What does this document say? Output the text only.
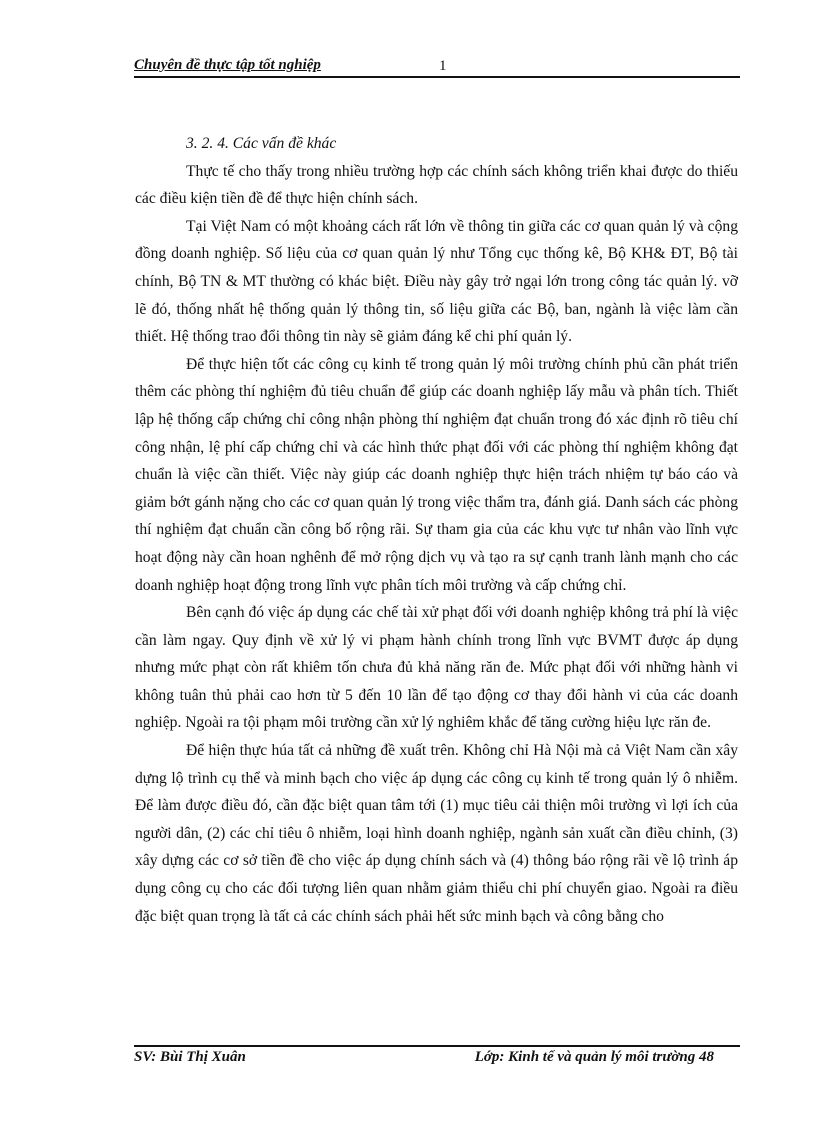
Chuyên đề thực tập tốt nghiệp	1

3. 2. 4. Các vấn đề khác

Thực tế cho thấy trong nhiều trường hợp các chính sách không triển khai được do thiếu các điều kiện tiền đề để thực hiện chính sách.

Tại Việt Nam có một khoảng cách rất lớn về thông tin giữa các cơ quan quản lý và cộng đồng doanh nghiệp. Số liệu của cơ quan quản lý như Tổng cục thống kê, Bộ KH& ĐT, Bộ tài chính, Bộ TN & MT thường có khác biệt. Điều này gây trở ngại lớn trong công tác quản lý. vỡ lẽ đó, thống nhất hệ thống quản lý thông tin, số liệu giữa các Bộ, ban, ngành là việc làm cần thiết. Hệ thống trao đổi thông tin này sẽ giảm đáng kể chi phí quản lý.

Để thực hiện tốt các công cụ kinh tế trong quản lý môi trường chính phủ cần phát triển thêm các phòng thí nghiệm đủ tiêu chuẩn để giúp các doanh nghiệp lấy mẫu và phân tích. Thiết lập hệ thống cấp chứng chỉ công nhận phòng thí nghiệm đạt chuẩn trong đó xác định rõ tiêu chí công nhận, lệ phí cấp chứng chỉ và các hình thức phạt đối với các phòng thí nghiệm không đạt chuẩn là việc cần thiết. Việc này giúp các doanh nghiệp thực hiện trách nhiệm tự báo cáo và giảm bớt gánh nặng cho các cơ quan quản lý trong việc thẩm tra, đánh giá. Danh sách các phòng thí nghiệm đạt chuẩn cần công bố rộng rãi. Sự tham gia của các khu vực tư nhân vào lĩnh vực hoạt động này cần hoan nghênh để mở rộng dịch vụ và tạo ra sự cạnh tranh lành mạnh cho các doanh nghiệp hoạt động trong lĩnh vực phân tích môi trường và cấp chứng chỉ.

Bên cạnh đó việc áp dụng các chế tài xử phạt đối với doanh nghiệp không trả phí là việc cần làm ngay. Quy định về xử lý vi phạm hành chính trong lĩnh vực BVMT được áp dụng nhưng mức phạt còn rất khiêm tốn chưa đủ khả năng răn đe. Mức phạt đối với những hành vi không tuân thủ phải cao hơn từ 5 đến 10 lần để tạo động cơ thay đổi hành vi của các doanh nghiệp. Ngoài ra tội phạm môi trường cần xử lý nghiêm khắc để tăng cường hiệu lực răn đe.

Để hiện thực húa tất cả những đề xuất trên. Không chỉ Hà Nội mà cả Việt Nam cần xây dựng lộ trình cụ thể và minh bạch cho việc áp dụng các công cụ kinh tế trong quản lý ô nhiễm. Để làm được điều đó, cần đặc biệt quan tâm tới (1) mục tiêu cải thiện môi trường vì lợi ích của người dân, (2) các chỉ tiêu ô nhiễm, loại hình doanh nghiệp, ngành sản xuất cần điều chỉnh, (3) xây dựng các cơ sở tiền đề cho việc áp dụng chính sách và (4) thông báo rộng rãi về lộ trình áp dụng công cụ cho các đối tượng liên quan nhằm giảm thiểu chi phí chuyển giao. Ngoài ra điều đặc biệt quan trọng là tất cả các chính sách phải hết sức minh bạch và công bằng cho

SV: Bùi Thị Xuân	Lớp: Kinh tế và quản lý môi trường 48
